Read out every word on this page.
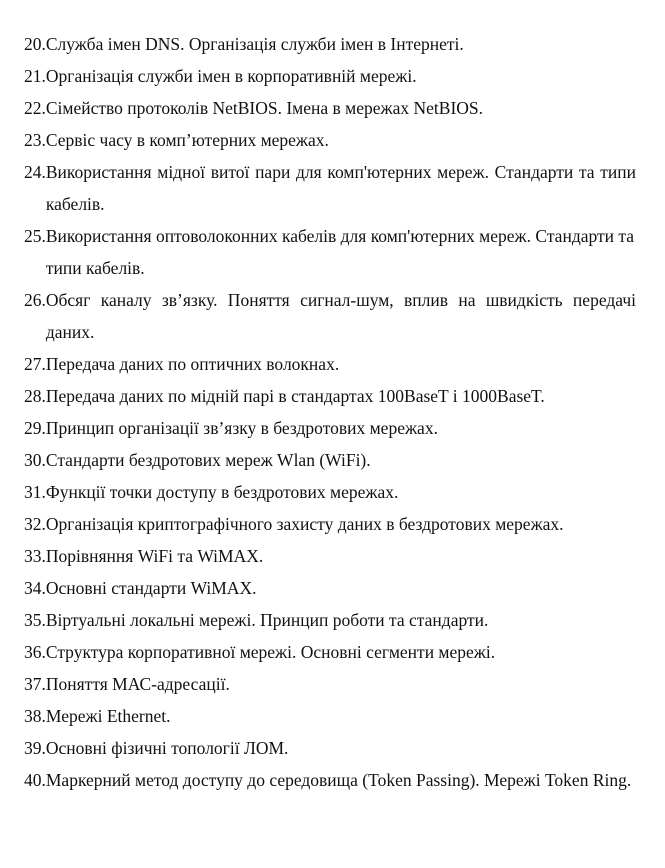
20. Служба імен DNS. Організація служби імен в Інтернеті.
21. Організація служби імен в корпоративній мережі.
22. Сімейство протоколів NetBIOS. Імена в мережах NetBIOS.
23. Сервіс часу в комп’ютерних мережах.
24. Використання мідної витої пари для комп'ютерних мереж. Стандарти та типи кабелів.
25. Використання оптоволоконних кабелів для комп'ютерних мереж. Стандарти та типи кабелів.
26. Обсяг каналу зв’язку. Поняття сигнал-шум, вплив на швидкість передачі даних.
27. Передача даних по оптичних волокнах.
28. Передача даних по мідній парі в стандартах 100BaseT і 1000BaseT.
29. Принцип організації зв’язку в бездротових мережах.
30. Стандарти бездротових мереж Wlan (WiFi).
31. Функції точки доступу в бездротових мережах.
32. Організація криптографічного захисту даних в бездротових мережах.
33. Порівняння WiFi та WiMAX.
34. Основні стандарти WiMAX.
35. Віртуальні локальні мережі. Принцип роботи та стандарти.
36. Структура корпоративної мережі. Основні сегменти мережі.
37. Поняття МАС-адресації.
38. Мережі Ethernet.
39. Основні фізичні топології ЛОМ.
40. Маркерний метод доступу до середовища (Token Passing). Мережі Token Ring.
